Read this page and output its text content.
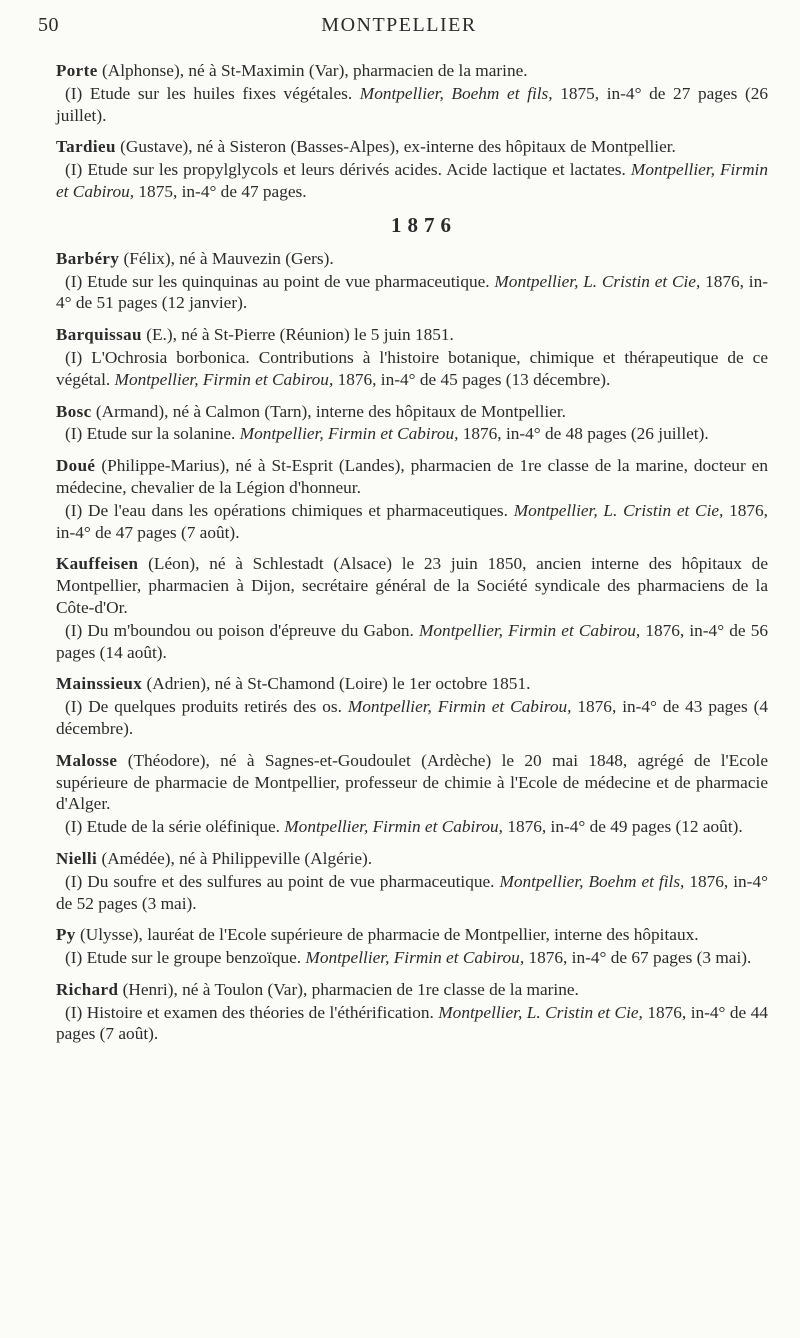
50	MONTPELLIER

Porte (Alphonse), né à St-Maximin (Var), pharmacien de la marine.

(I) Etude sur les huiles fixes végétales. Montpellier, Boehm et fils, 1875, in-4° de 27 pages (26 juillet).

Tardieu (Gustave), né à Sisteron (Basses-Alpes), ex-interne des hôpitaux de Montpellier.

(I) Etude sur les propylglycols et leurs dérivés acides. Acide lactique et lactates. Montpellier, Firmin et Cabirou, 1875, in-4° de 47 pages.

1876

Barbéry (Félix), né à Mauvezin (Gers).

(I) Etude sur les quinquinas au point de vue pharmaceutique. Montpellier, L. Cristin et Cie, 1876, in-4° de 51 pages (12 janvier).

Barquissau (E.), né à St-Pierre (Réunion) le 5 juin 1851.

(I) L'Ochrosia borbonica. Contributions à l'histoire botanique, chimique et thérapeutique de ce végétal. Montpellier, Firmin et Cabirou, 1876, in-4° de 45 pages (13 décembre).

Bosc (Armand), né à Calmon (Tarn), interne des hôpitaux de Montpellier.

(I) Etude sur la solanine. Montpellier, Firmin et Cabirou, 1876, in-4° de 48 pages (26 juillet).

Doué (Philippe-Marius), né à St-Esprit (Landes), pharmacien de 1re classe de la marine, docteur en médecine, chevalier de la Légion d'honneur.

(I) De l'eau dans les opérations chimiques et pharmaceutiques. Montpellier, L. Cristin et Cie, 1876, in-4° de 47 pages (7 août).

Kauffeisen (Léon), né à Schlestadt (Alsace) le 23 juin 1850, ancien interne des hôpitaux de Montpellier, pharmacien à Dijon, secrétaire général de la Société syndicale des pharmaciens de la Côte-d'Or.

(I) Du m'boundou ou poison d'épreuve du Gabon. Montpellier, Firmin et Cabirou, 1876, in-4° de 56 pages (14 août).

Mainssieux (Adrien), né à St-Chamond (Loire) le 1er octobre 1851.

(I) De quelques produits retirés des os. Montpellier, Firmin et Cabirou, 1876, in-4° de 43 pages (4 décembre).

Malosse (Théodore), né à Sagnes-et-Goudoulet (Ardèche) le 20 mai 1848, agrégé de l'Ecole supérieure de pharmacie de Montpellier, professeur de chimie à l'Ecole de médecine et de pharmacie d'Alger.

(I) Etude de la série oléfinique. Montpellier, Firmin et Cabirou, 1876, in-4° de 49 pages (12 août).

Nielli (Amédée), né à Philippeville (Algérie).

(I) Du soufre et des sulfures au point de vue pharmaceutique. Montpellier, Boehm et fils, 1876, in-4° de 52 pages (3 mai).

Py (Ulysse), lauréat de l'Ecole supérieure de pharmacie de Montpellier, interne des hôpitaux.

(I) Etude sur le groupe benzoïque. Montpellier, Firmin et Cabirou, 1876, in-4° de 67 pages (3 mai).

Richard (Henri), né à Toulon (Var), pharmacien de 1re classe de la marine.

(I) Histoire et examen des théories de l'éthérification. Montpellier, L. Cristin et Cie, 1876, in-4° de 44 pages (7 août).
